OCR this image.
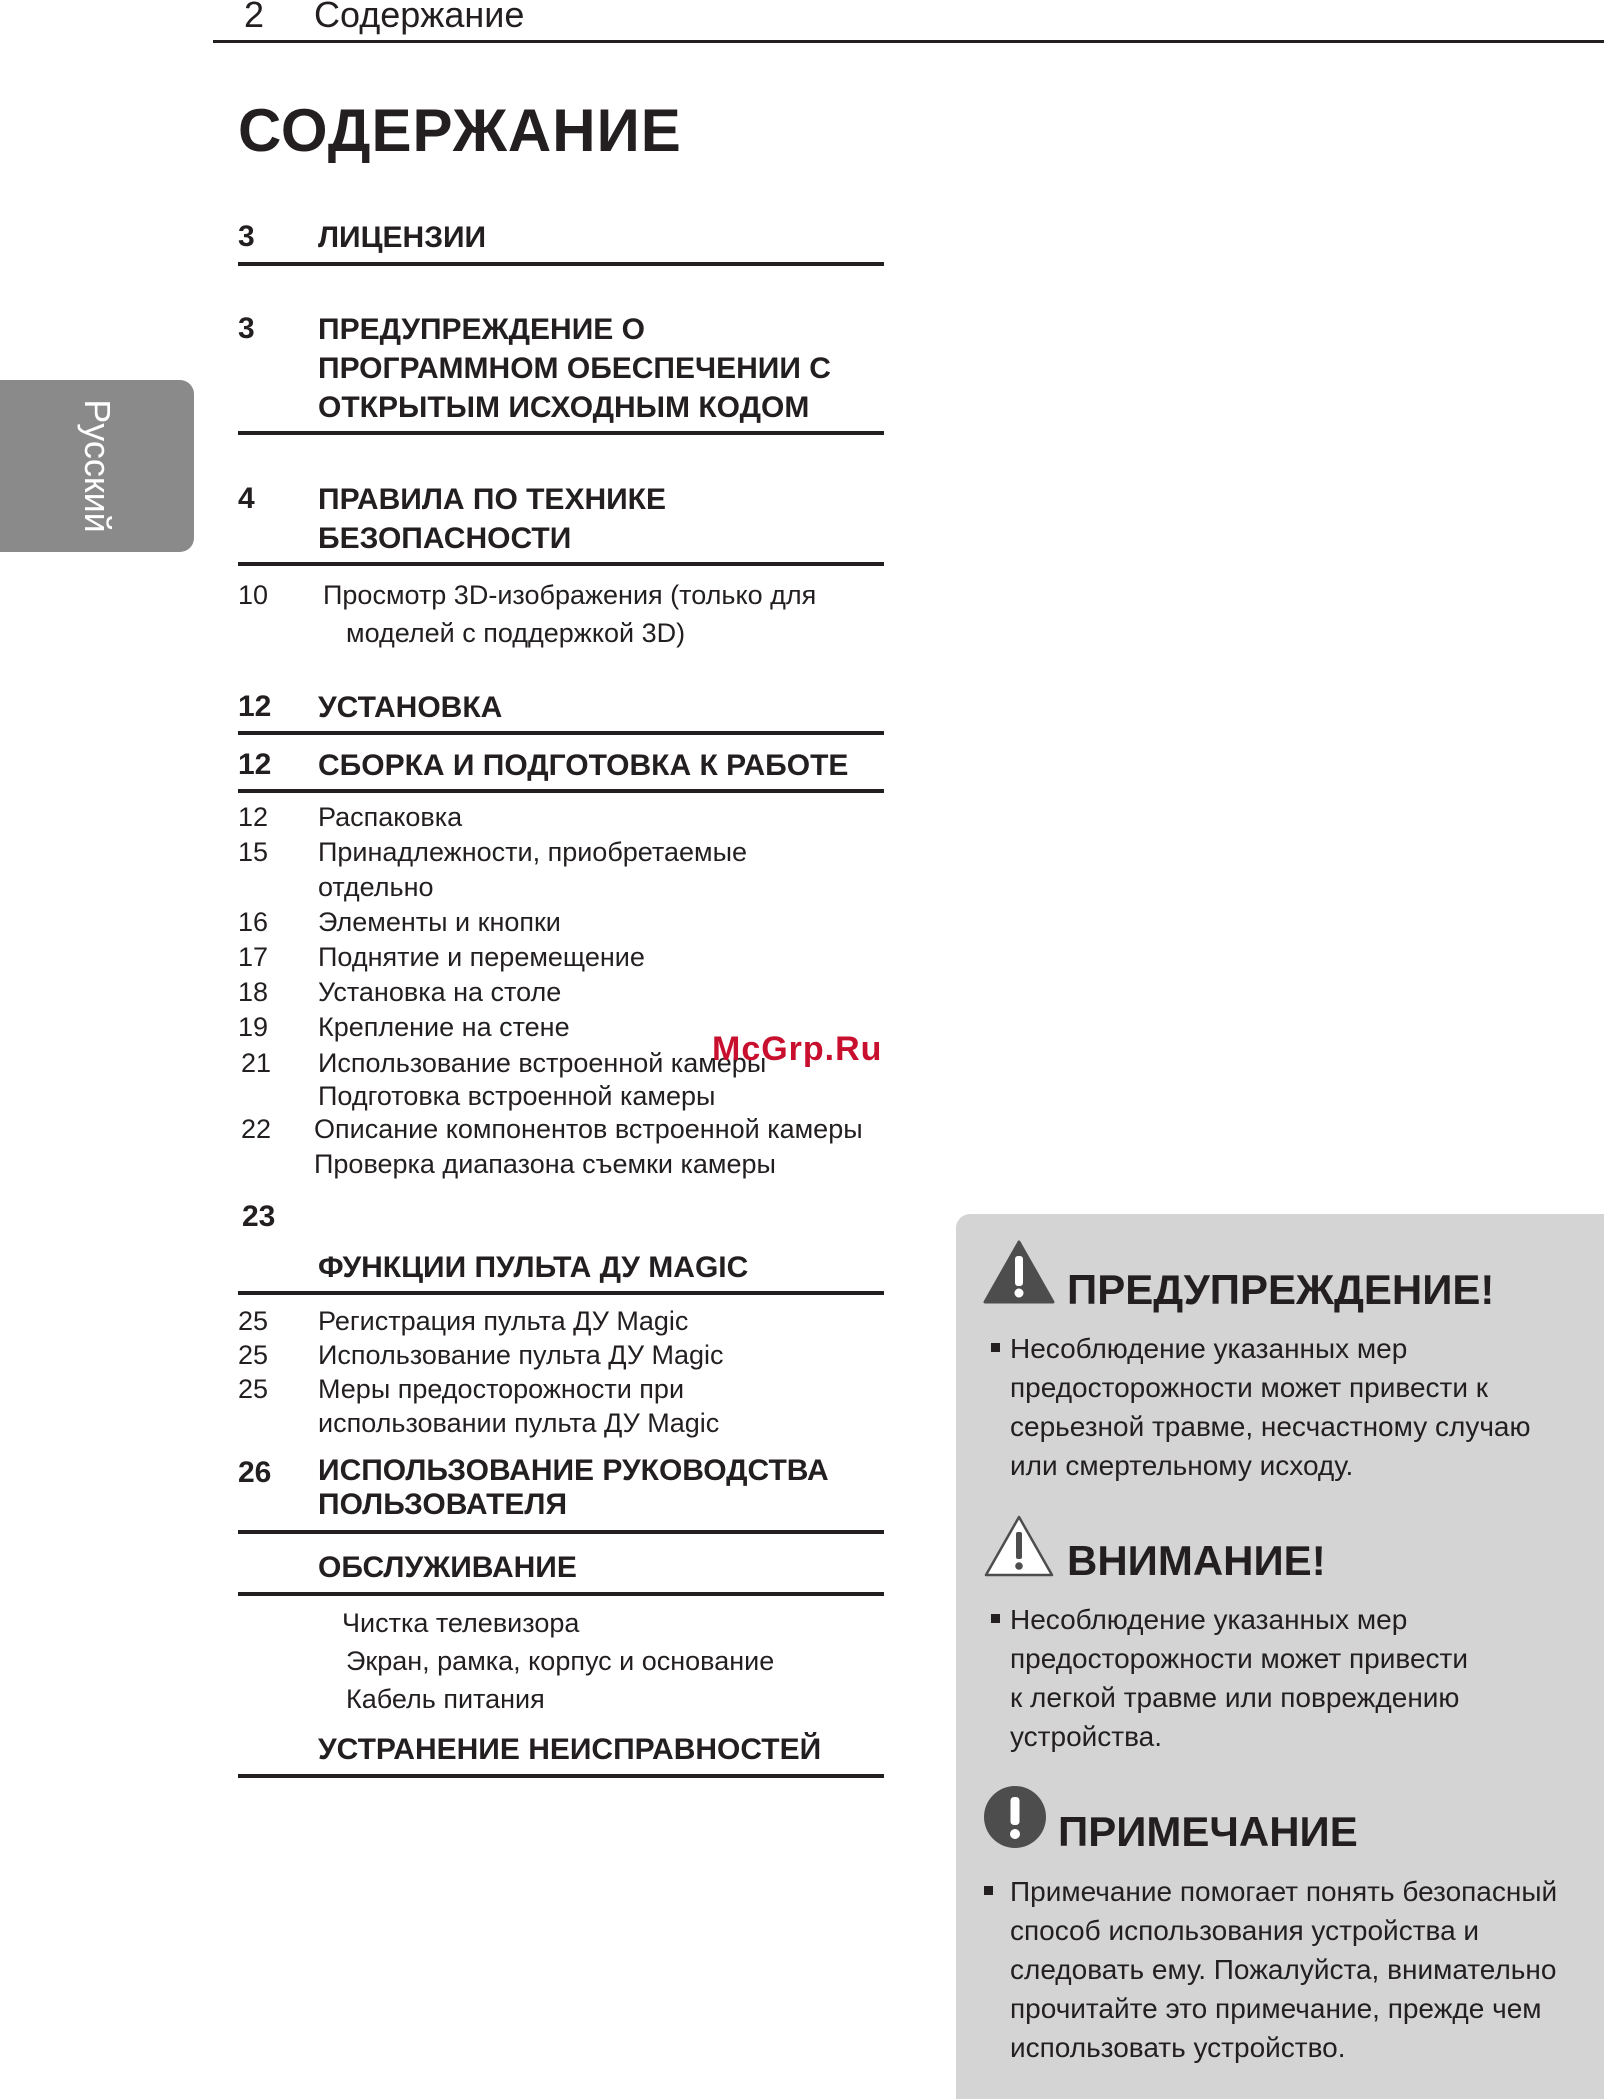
2 Содержание
СОДЕРЖАНИЕ
Русский
3 ЛИЦЕНЗИИ
3 ПРЕДУПРЕЖДЕНИЕ О
ПРОГРАММНОМ ОБЕСПЕЧЕНИИ С
ОТКРЫТЫМ ИСХОДНЫМ КОДОМ
4 ПРАВИЛА ПО ТЕХНИКЕ
БЕЗОПАСНОСТИ
10 Просмотр 3D-изображения (только для
моделей с поддержкой 3D)
12 УСТАНОВКА
12 СБОРКА И ПОДГОТОВКА К РАБОТЕ
12 Распаковка
15 Принадлежности, приобретаемые
отдельно
16 Элементы и кнопки
17 Поднятие и перемещение
18 Установка на столе
19 Крепление на стене
21 Использование встроенной камеры
Подготовка встроенной камеры
22 Описание компонентов встроенной камеры
Проверка диапазона съемки камеры
23
ФУНКЦИИ ПУЛЬТА ДУ MAGIC
25 Регистрация пульта ДУ Magic
25 Использование пульта ДУ Magic
25 Меры предосторожности при
использовании пульта ДУ Magic
26 ИСПОЛЬЗОВАНИЕ РУКОВОДСТВА
ПОЛЬЗОВАТЕЛЯ
ОБСЛУЖИВАНИЕ
Чистка телевизора
Экран, рамка, корпус и основание
Кабель питания
УСТРАНЕНИЕ НЕИСПРАВНОСТЕЙ
McGrp.Ru
ПРЕДУПРЕЖДЕНИЕ!
Несоблюдение указанных мер
предосторожности может привести к
серьезной травме, несчастному случаю
или смертельному исходу.
ВНИМАНИЕ!
Несоблюдение указанных мер
предосторожности может привести
к легкой травме или повреждению
устройства.
ПРИМЕЧАНИЕ
Примечание помогает понять безопасный
способ использования устройства и
следовать ему. Пожалуйста, внимательно
прочитайте это примечание, прежде чем
использовать устройство.
